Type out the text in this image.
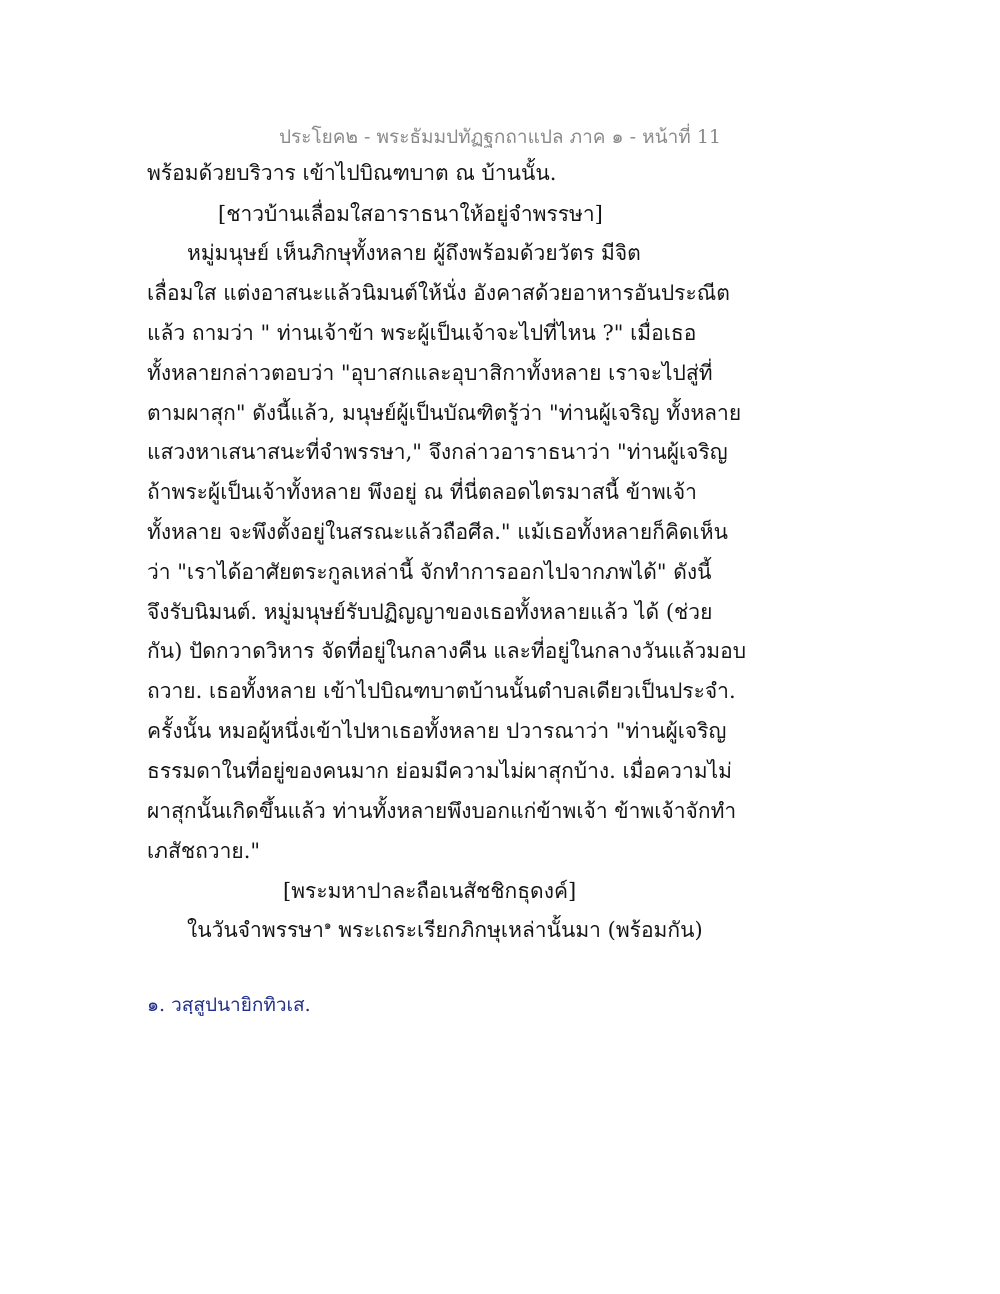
ประโยค๒ - พระธัมมปทัฏฐกถาแปล ภาค ๑ - หน้าที่ 11
พร้อมด้วยบริวาร เข้าไปบิณฑบาต ณ บ้านนั้น.
[ชาวบ้านเลื่อมใสอาราธนาให้อยู่จำพรรษา]
หมู่มนุษย์ เห็นภิกษุทั้งหลาย ผู้ถึงพร้อมด้วยวัตร มีจิต
เลื่อมใส แต่งอาสนะแล้วนิมนต์ให้นั่ง อังคาสด้วยอาหารอันประณีต
แล้ว ถามว่า " ท่านเจ้าข้า พระผู้เป็นเจ้าจะไปที่ไหน ?" เมื่อเธอ
ทั้งหลายกล่าวตอบว่า "อุบาสกและอุบาสิกาทั้งหลาย เราจะไปสู่ที่
ตามผาสุก" ดังนี้แล้ว, มนุษย์ผู้เป็นบัณฑิตรู้ว่า "ท่านผู้เจริญ ทั้งหลาย
แสวงหาเสนาสนะที่จำพรรษา," จึงกล่าวอาราธนาว่า "ท่านผู้เจริญ
ถ้าพระผู้เป็นเจ้าทั้งหลาย พึงอยู่ ณ ที่นี่ตลอดไตรมาสนี้ ข้าพเจ้า
ทั้งหลาย จะพึงตั้งอยู่ในสรณะแล้วถือศีล." แม้เธอทั้งหลายก็คิดเห็น
ว่า "เราได้อาศัยตระกูลเหล่านี้ จักทำการออกไปจากภพได้" ดังนี้
จึงรับนิมนต์. หมู่มนุษย์รับปฏิญญาของเธอทั้งหลายแล้ว ได้ (ช่วย
กัน) ปัดกวาดวิหาร จัดที่อยู่ในกลางคืน และที่อยู่ในกลางวันแล้วมอบ
ถวาย. เธอทั้งหลาย เข้าไปบิณฑบาตบ้านนั้นตำบลเดียวเป็นประจำ.
ครั้งนั้น หมอผู้หนึ่งเข้าไปหาเธอทั้งหลาย ปวารณาว่า "ท่านผู้เจริญ
ธรรมดาในที่อยู่ของคนมาก ย่อมมีความไม่ผาสุกบ้าง. เมื่อความไม่
ผาสุกนั้นเกิดขึ้นแล้ว ท่านทั้งหลายพึงบอกแก่ข้าพเจ้า ข้าพเจ้าจักทำ
เภสัชถวาย."
[พระมหาปาละถือเนสัชชิกธุดงค์]
ในวันจำพรรษา$^๑$ พระเถระเรียกภิกษุเหล่านั้นมา (พร้อมกัน)
๑. วสฺสูปนายิกทิวเส.
